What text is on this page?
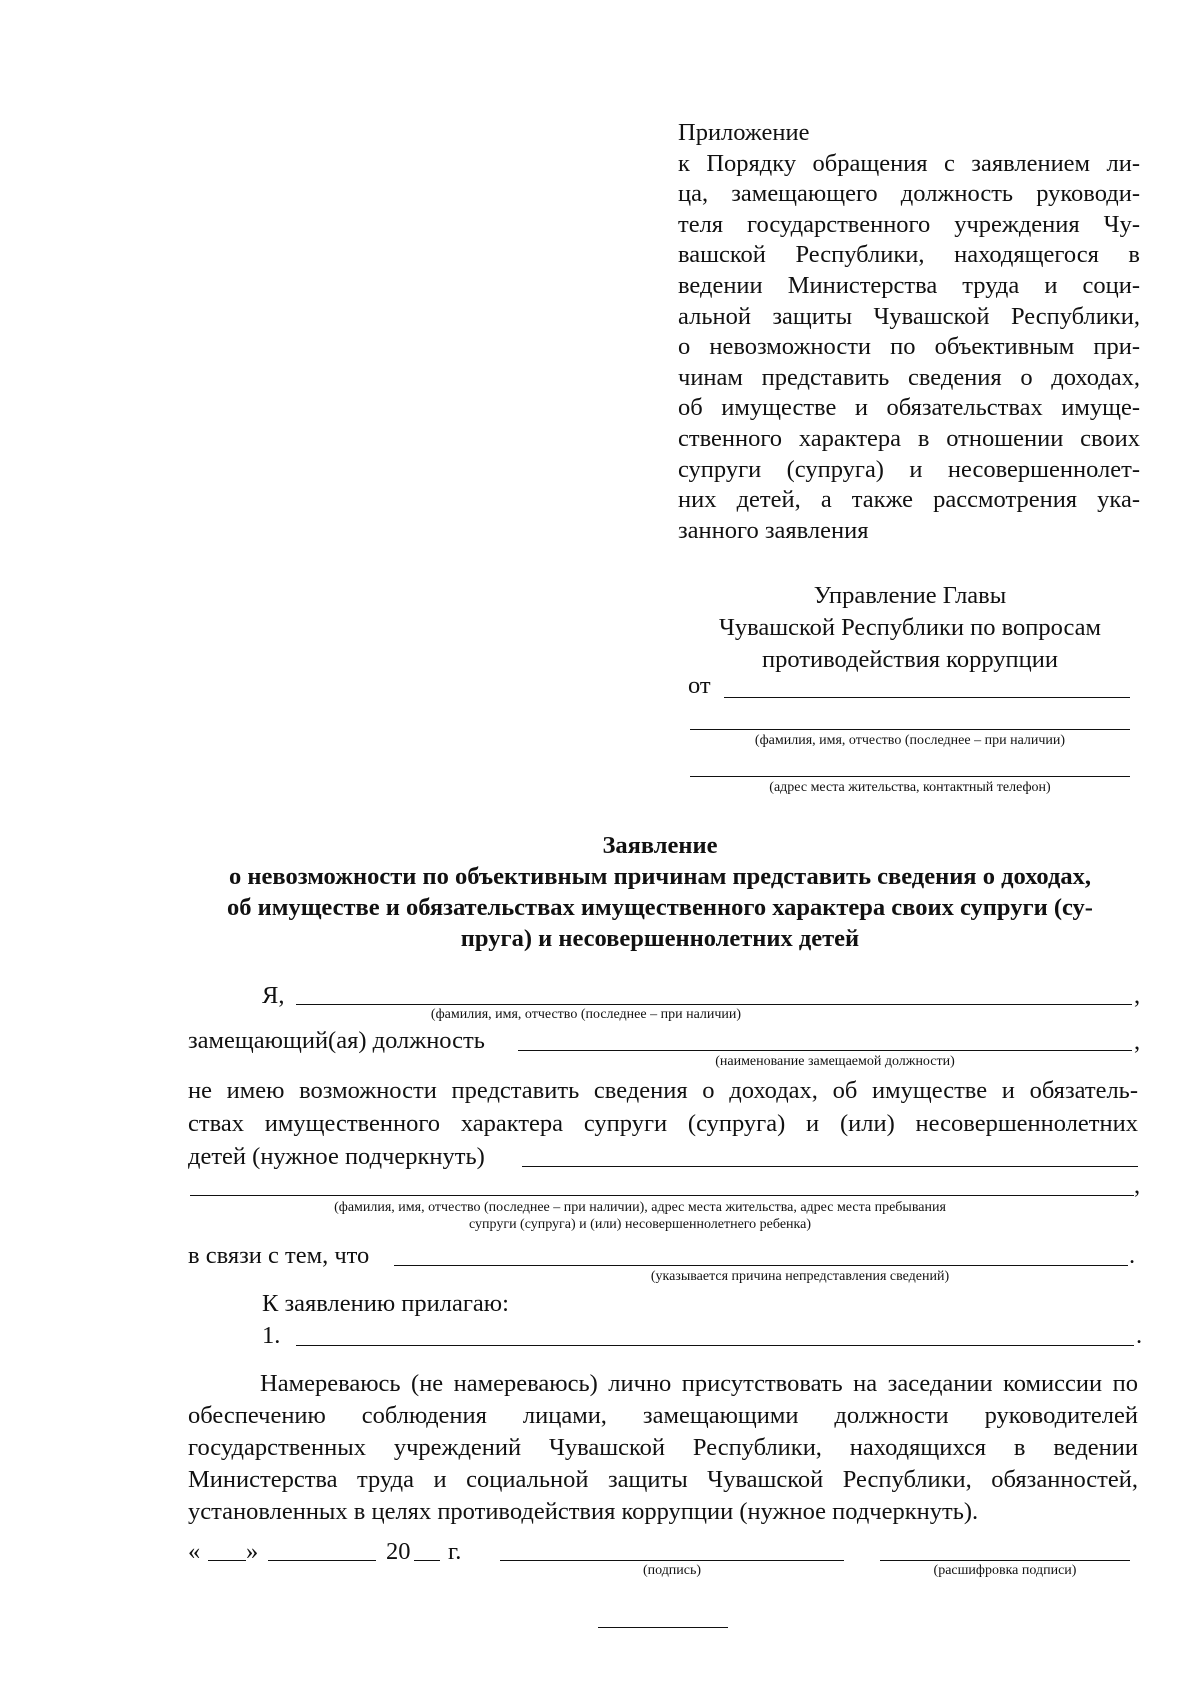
Приложение
к Порядку обращения с заявлением ли-
ца, замещающего должность руководи-
теля государственного учреждения Чу-
вашской Республики, находящегося в
ведении Министерства труда и соци-
альной защиты Чувашской Республики,
о невозможности по объективным при-
чинам представить сведения о доходах,
об имуществе и обязательствах имуще-
ственного характера в отношении своих
супруги (супруга) и несовершеннолет-
них детей, а также рассмотрения ука-
занного заявления
Управление Главы
Чувашской Республики по вопросам
противодействия коррупции
от
(фамилия, имя, отчество (последнее – при наличии)
(адрес места жительства, контактный телефон)
Заявление
о невозможности по объективным причинам представить сведения о доходах,
об имуществе и обязательствах имущественного характера своих супруги (су-
пруга) и несовершеннолетних детей
Я,	,
(фамилия, имя, отчество (последнее – при наличии)
замещающий(ая) должность	,
(наименование замещаемой должности)
не имею возможности представить сведения о доходах, об имуществе и обязатель-
ствах имущественного характера супруги (супруга) и (или) несовершеннолетних
детей (нужное подчеркнуть)
,
(фамилия, имя, отчество (последнее – при наличии), адрес места жительства, адрес места пребывания
супруги (супруга) и (или) несовершеннолетнего ребенка)
в связи с тем, что	.
(указывается причина непредставления сведений)
К заявлению прилагаю:
1.	.
Намереваюсь (не намереваюсь) лично присутствовать на заседании комиссии по обеспечению соблюдения лицами, замещающими должности руководителей государственных учреждений Чувашской Республики, находящихся в ведении Министерства труда и социальной защиты Чувашской Республики, обязанностей, установленных в целях противодействия коррупции (нужное подчеркнуть).
« »	20 г.
(подпись)	(расшифровка подписи)
